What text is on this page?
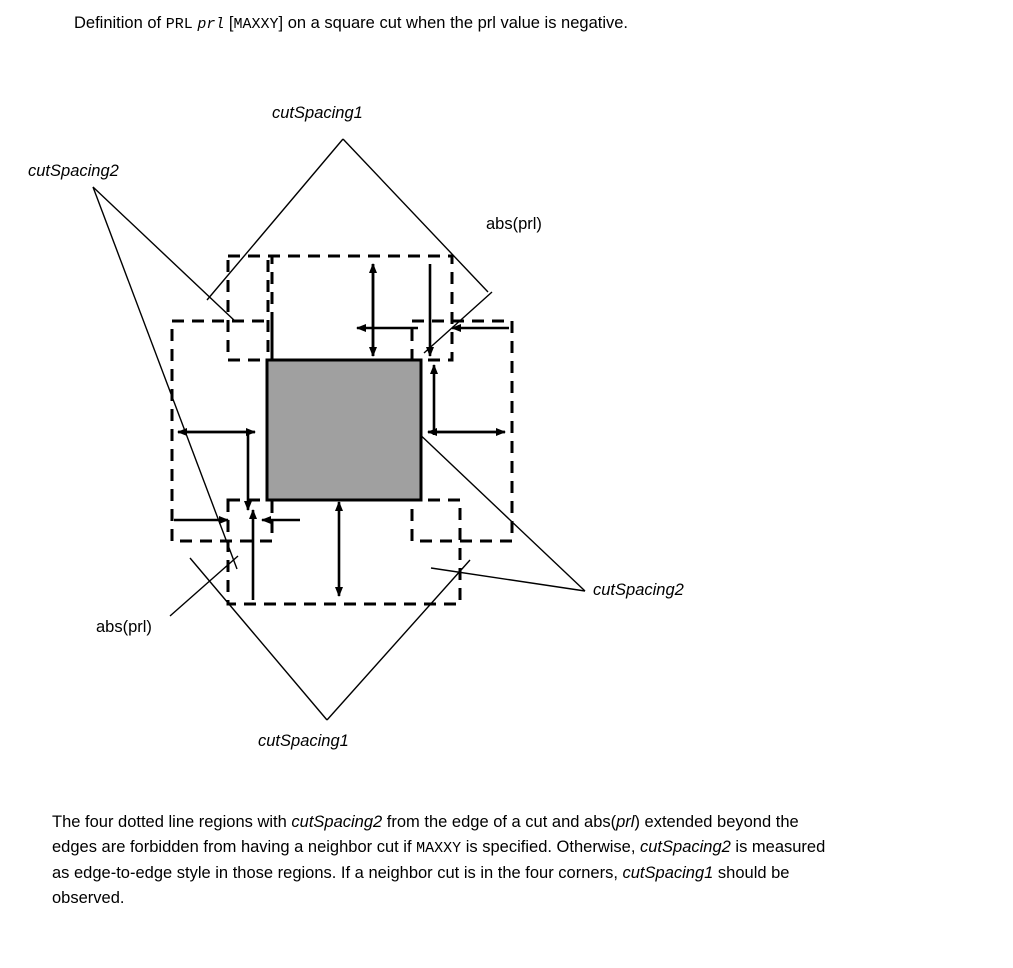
Definition of PRL prl [MAXXY] on a square cut when the prl value is negative.
cutSpacing1
cutSpacing2
abs(prl)
abs(prl)
cutSpacing2
cutSpacing1
The four dotted line regions with cutSpacing2 from the edge of a cut and abs(prl) extended beyond the edges are forbidden from having a neighbor cut if MAXXY is specified. Otherwise, cutSpacing2 is measured as edge-to-edge style in those regions. If a neighbor cut is in the four corners, cutSpacing1 should be observed.
